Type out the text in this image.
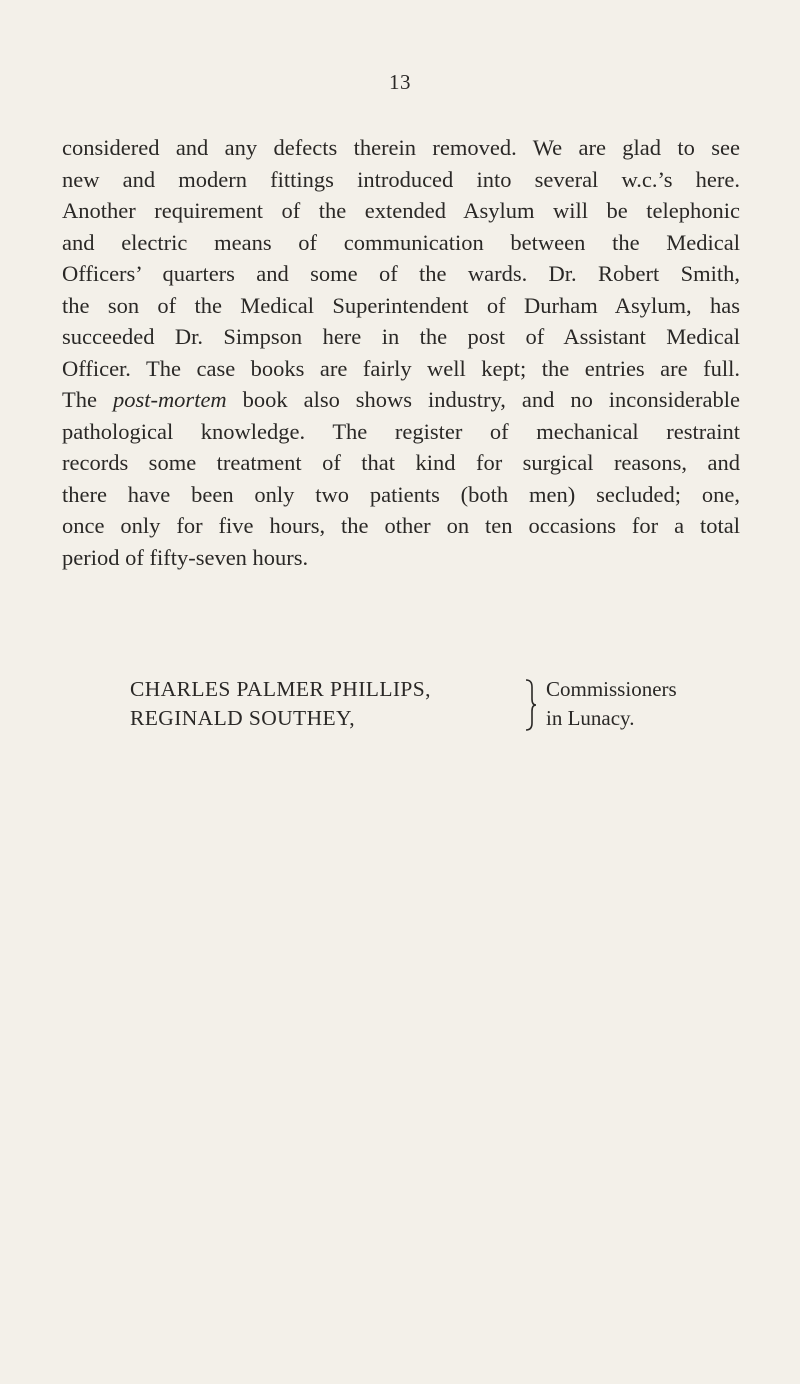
13
considered and any defects therein removed. We are glad to see
new and modern fittings introduced into several w.c.’s here.
Another requirement of the extended Asylum will be telephonic
and electric means of communication between the Medical
Officers’ quarters and some of the wards. Dr. Robert Smith,
the son of the Medical Superintendent of Durham Asylum, has
succeeded Dr. Simpson here in the post of Assistant Medical
Officer. The case books are fairly well kept; the entries are full.
The post-mortem book also shows industry, and no inconsiderable
pathological knowledge. The register of mechanical restraint
records some treatment of that kind for surgical reasons, and
there have been only two patients (both men) secluded; one,
once only for five hours, the other on ten occasions for a total
period of fifty-seven hours.
CHARLES PALMER PHILLIPS,
REGINALD SOUTHEY,
Commissioners
in Lunacy.
